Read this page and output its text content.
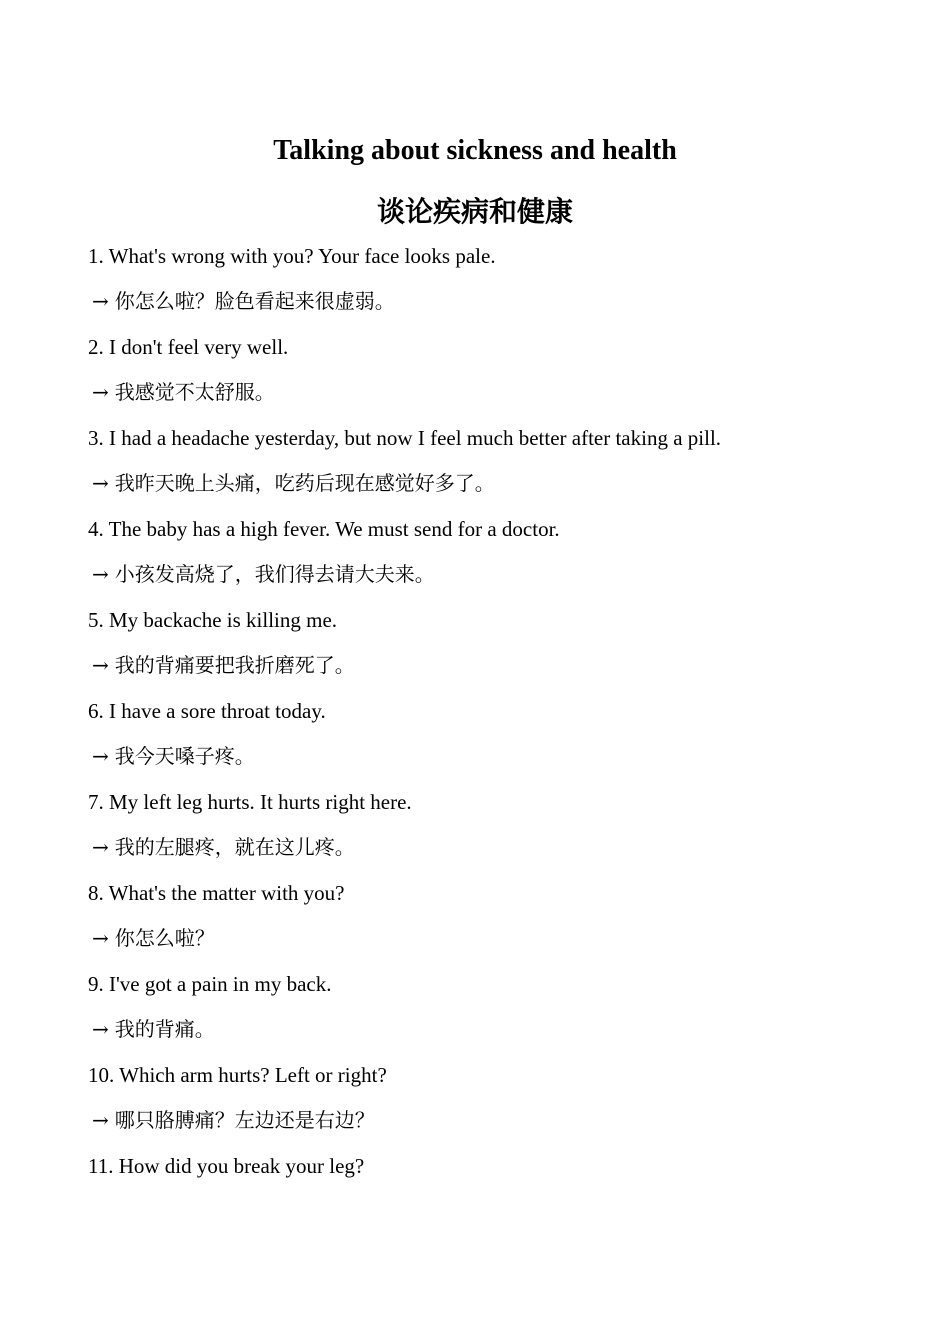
Talking about sickness and health
谈论疾病和健康
1. What's wrong with you? Your face looks pale.
→ 你怎么啦？脸色看起来很虚弱。
2. I don't feel very well.
→ 我感觉不太舒服。
3. I had a headache yesterday, but now I feel much better after taking a pill.
→ 我昨天晚上头痛，吃药后现在感觉好多了。
4. The baby has a high fever. We must send for a doctor.
→ 小孩发高烧了，我们得去请大夫来。
5. My backache is killing me.
→ 我的背痛要把我折磨死了。
6. I have a sore throat today.
→ 我今天嗓子疼。
7. My left leg hurts. It hurts right here.
→ 我的左腿疼，就在这儿疼。
8. What's the matter with you?
→ 你怎么啦？
9. I've got a pain in my back.
→ 我的背痛。
10. Which arm hurts? Left or right?
→ 哪只胳膊痛？左边还是右边？
11. How did you break your leg?
